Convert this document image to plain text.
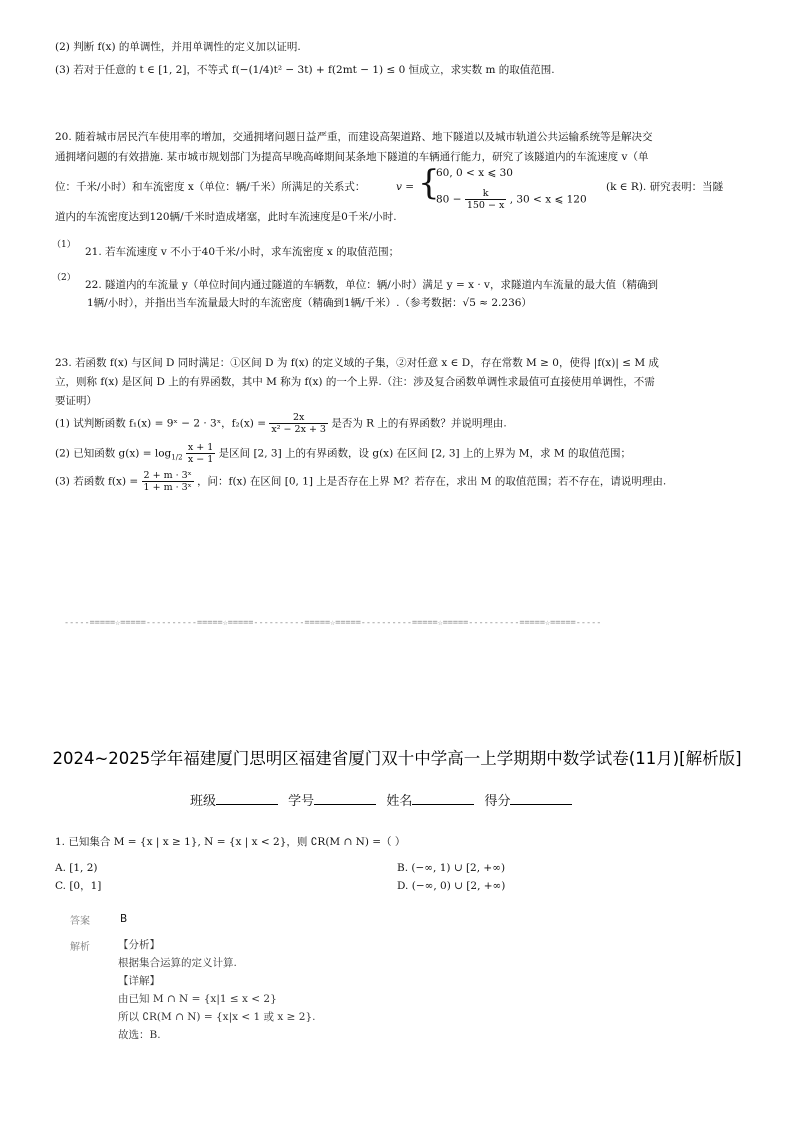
(2) 判断 f(x) 的单调性，并用单调性的定义加以证明.
(3) 若对于任意的 t ∈ [1, 2]，不等式 f(−(1/4)t² − 3t) + f(2mt − 1) ≤ 0 恒成立，求实数 m 的取值范围.
20. 随着城市居民汽车使用率的增加，交通拥堵问题日益严重，而建设高架道路、地下隧道以及城市轨道公共运输系统等是解决交
通拥堵问题的有效措施. 某市城市规划部门为提高早晚高峰期间某条地下隧道的车辆通行能力，研究了该隧道内的车流速度 v（单
位：千米/小时）和车流密度 x（单位：辆/千米）所满足的关系式：	v = {
60, 0 < x ⩽ 30
$80 - \frac{k}{150 - x}$ , 30 < x ⩽ 120
(k ∈ R). 研究表明：当隧
道内的车流密度达到120辆/千米时造成堵塞，此时车流速度是0千米/小时.
（1）
21. 若车流速度 v 不小于40千米/小时，求车流密度 x 的取值范围；
（2）
22. 隧道内的车流量 y（单位时间内通过隧道的车辆数，单位：辆/小时）满足 y = x · v，求隧道内车流量的最大值（精确到
1辆/小时），并指出当车流量最大时的车流密度（精确到1辆/千米）.（参考数据：√5 ≈ 2.236）
23. 若函数 f(x) 与区间 D 同时满足：①区间 D 为 f(x) 的定义域的子集，②对任意 x ∈ D，存在常数 M ≥ 0，使得 |f(x)| ≤ M 成
立，则称 f(x) 是区间 D 上的有界函数，其中 M 称为 f(x) 的一个上界.（注：涉及复合函数单调性求最值可直接使用单调性，不需
要证明）
(1) 试判断函数 f₁(x) = 9ˣ − 2 · 3ˣ，$f_2(x) = \frac{2x}{\text{x² − 2x + 3}}$ 是否为 R 上的有界函数？并说明理由.
(2) 已知函数 $g(x) = \log_{1/2} \frac{x + 1}{x - 1}$ 是区间 [2, 3] 上的有界函数，设 g(x) 在区间 [2, 3] 上的上界为 M，求 M 的取值范围；
(3) 若函数 $f(x) = \frac{\text{2 + m · 3ˣ}}{\text{1 + m · 3ˣ}}$ ，问：f(x) 在区间 [0, 1] 上是否存在上界 M？若存在，求出 M 的取值范围；若不存在，请说明理由.
-----=====☆=====----------=====☆=====----------=====☆=====----------=====☆=====----------=====☆=====-----
2024~2025学年福建厦门思明区福建省厦门双十中学高一上学期期中数学试卷(11月)[解析版]
班级	学号	姓名	得分
1. 已知集合 M = {x | x ≥ 1}, N = {x | x < 2}，则 ∁R(M ∩ N) =（ ）
A. [1, 2)	B. (−∞, 1) ∪ [2, +∞)
C. [0，1]	D. (−∞, 0) ∪ [2, +∞)
答案	B
解析	【分析】
根据集合运算的定义计算.
【详解】
由已知 M ∩ N = {x|1 ≤ x < 2}
所以 ∁R(M ∩ N) = {x|x < 1 或 x ≥ 2}.
故选：B.
